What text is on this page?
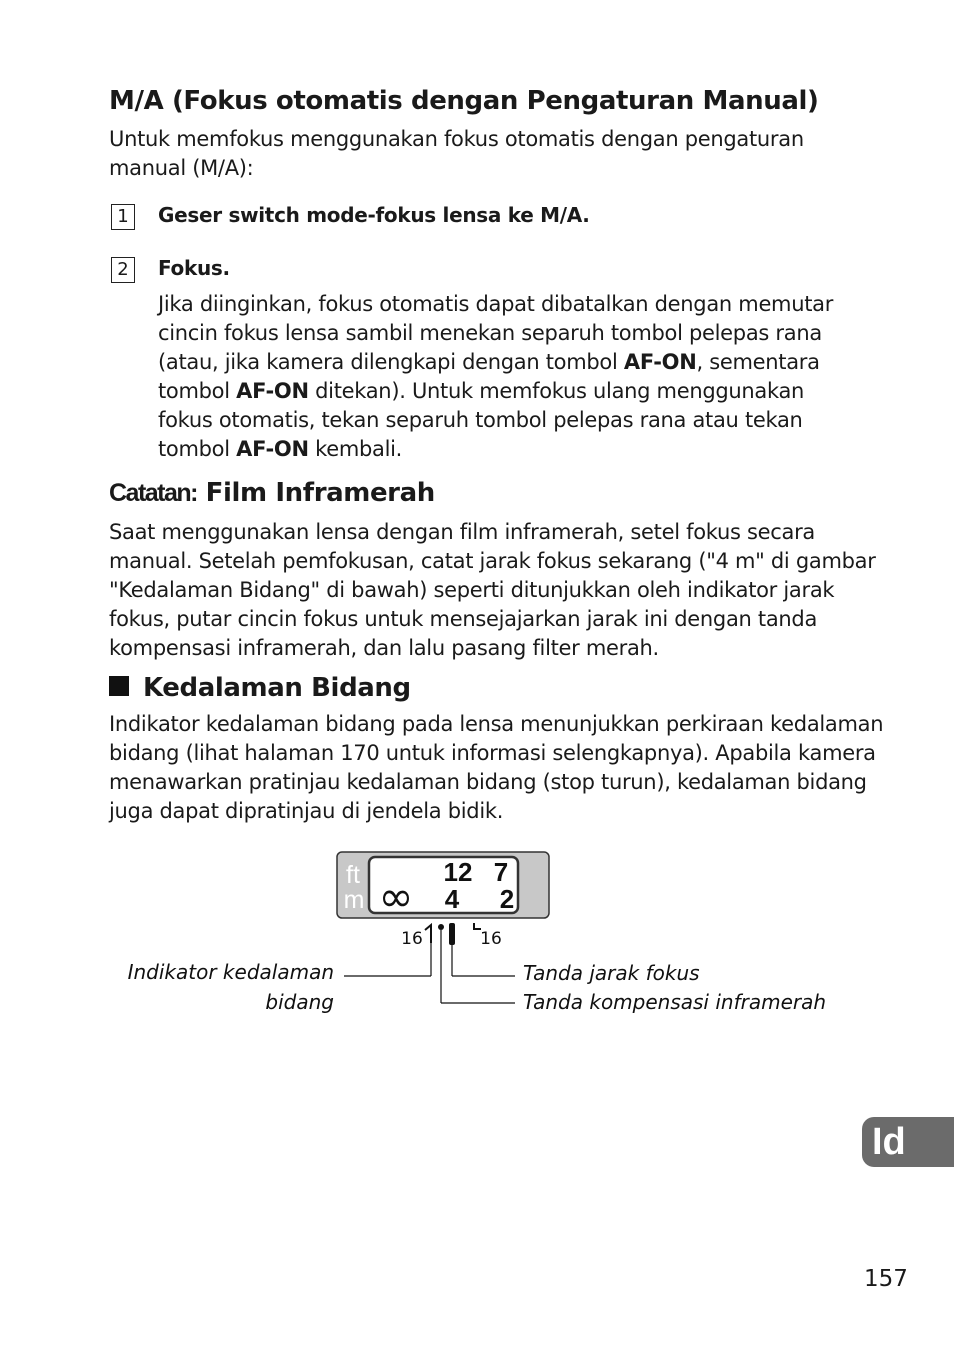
M/A (Fokus otomatis dengan Pengaturan Manual)
Untuk memfokus menggunakan fokus otomatis dengan pengaturan manual (M/A):
1	Geser switch mode-fokus lensa ke M/A.
2	Fokus.
Jika diinginkan, fokus otomatis dapat dibatalkan dengan memutar cincin fokus lensa sambil menekan separuh tombol pelepas rana (atau, jika kamera dilengkapi dengan tombol AF-ON, sementara tombol AF-ON ditekan). Untuk memfokus ulang menggunakan fokus otomatis, tekan separuh tombol pelepas rana atau tekan tombol AF-ON kembali.
Catatan: Film Inframerah
Saat menggunakan lensa dengan film inframerah, setel fokus secara manual. Setelah pemfokusan, catat jarak fokus sekarang ("4 m" di gambar "Kedalaman Bidang" di bawah) seperti ditunjukkan oleh indikator jarak fokus, putar cincin fokus untuk mensejajarkan jarak ini dengan tanda kompensasi inframerah, dan lalu pasang filter merah.
Kedalaman Bidang
Indikator kedalaman bidang pada lensa menunjukkan perkiraan kedalaman bidang (lihat halaman 170 untuk informasi selengkapnya). Apabila kamera menawarkan pratinjau kedalaman bidang (stop turun), kedalaman bidang juga dapat dipratinjau di jendela bidik.
ft
m ∞ 12 7
4 2
16	16
Indikator kedalaman
bidang
Tanda jarak fokus
Tanda kompensasi inframerah
Id
157
